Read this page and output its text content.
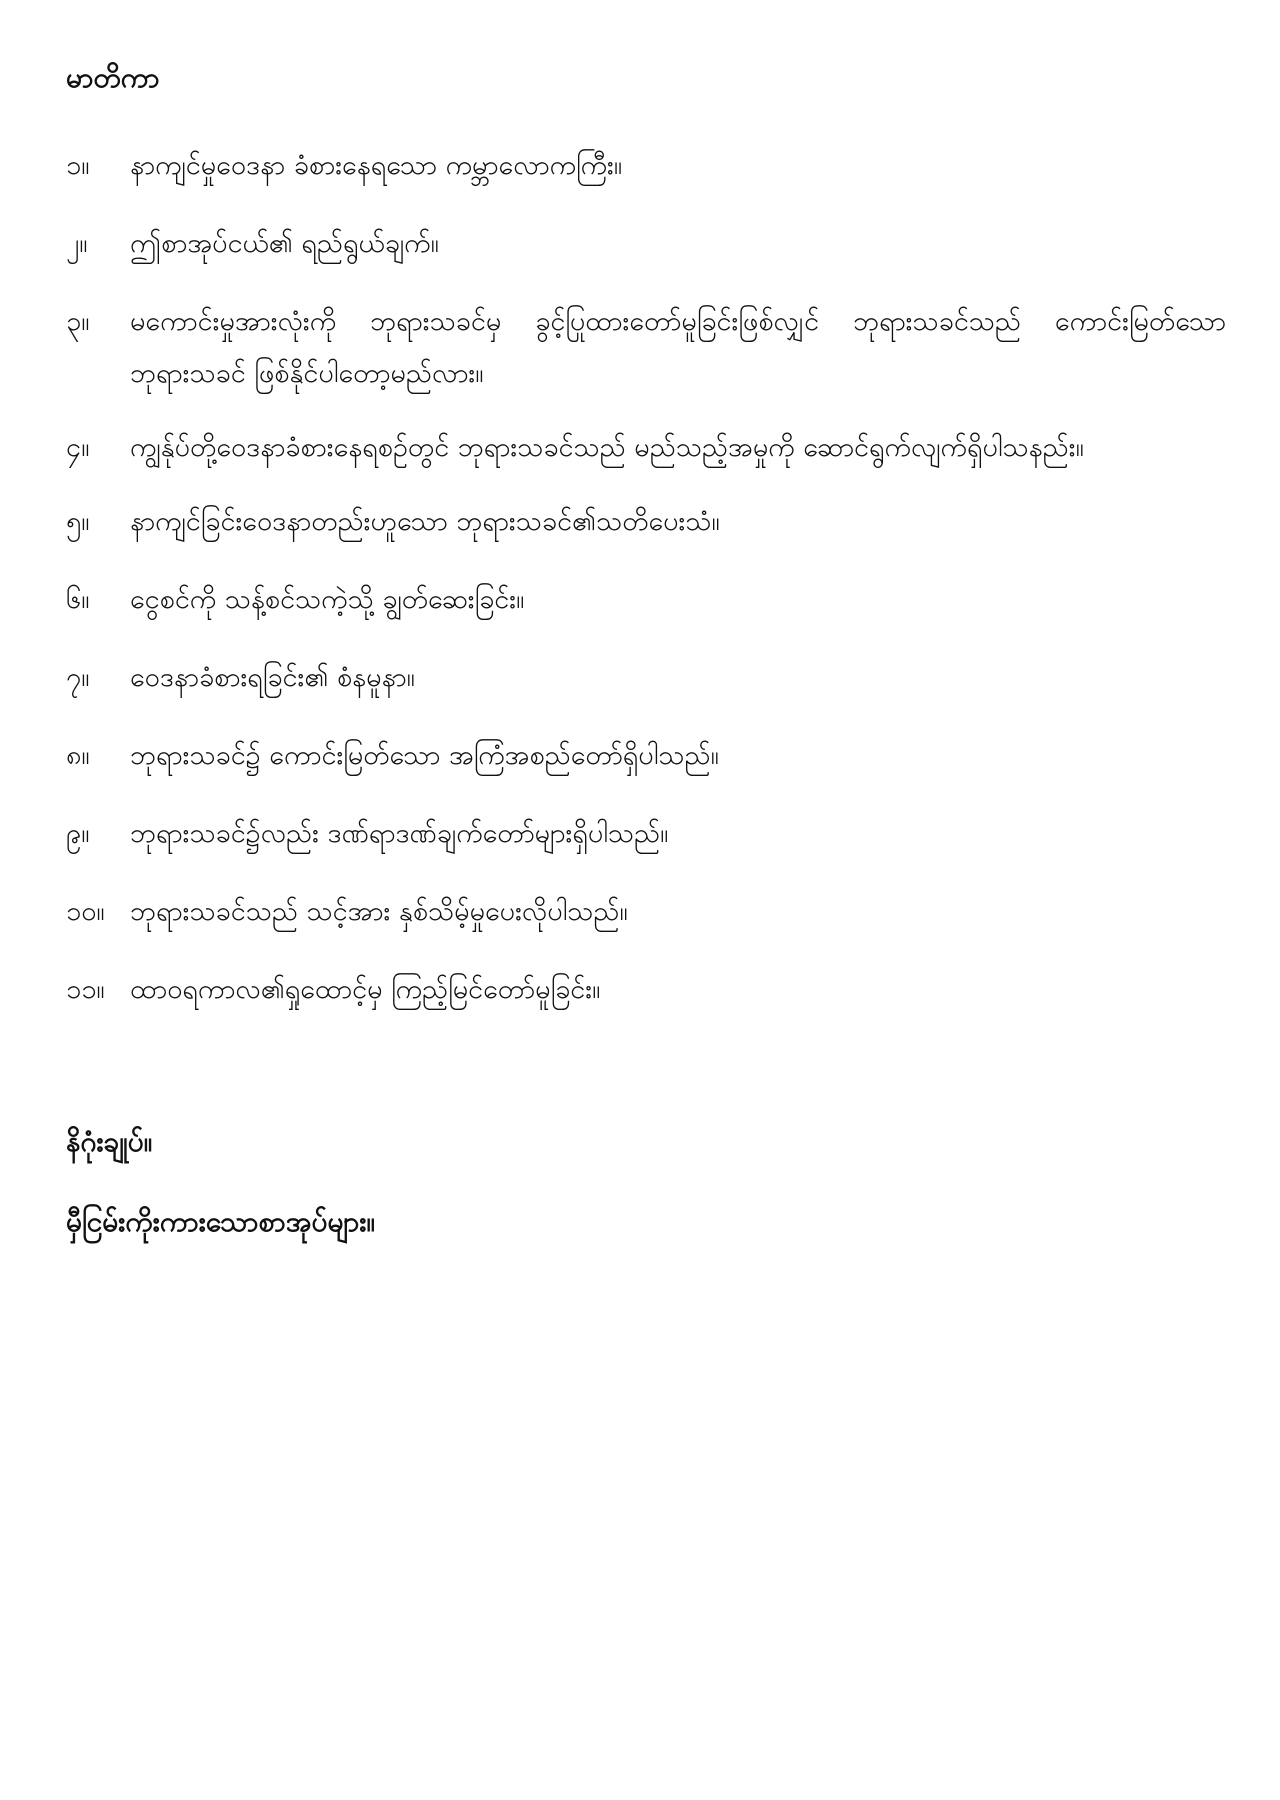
မာတိကာ
၁။	နာကျင်မှုဝေဒနာ ခံစားနေရသော ကမ္ဘာလောကကြီး။
၂။	ဤစာအုပ်ငယ်၏ ရည်ရွယ်ချက်။
၃။	မကောင်းမှုအားလုံးကို ဘုရားသခင်မှ ခွင့်ပြုထားတော်မူခြင်းဖြစ်လျှင် ဘုရားသခင်သည် ကောင်းမြတ်သော ဘုရားသခင် ဖြစ်နိုင်ပါတော့မည်လား။
၄။	ကျွန်ုပ်တို့ဝေဒနာခံစားနေရစဉ်တွင် ဘုရားသခင်သည် မည်သည့်အမှုကို ဆောင်ရွက်လျက်ရှိပါသနည်း။
၅။	နာကျင်ခြင်းဝေဒနာတည်းဟူသော ဘုရားသခင်၏သတိပေးသံ။
၆။	ငွေစင်ကို သန့်စင်သကဲ့သို့ ချွတ်ဆေးခြင်း။
၇။	ဝေဒနာခံစားရခြင်း၏ စံနမူနာ။
၈။	ဘုရားသခင်၌ ကောင်းမြတ်သော အကြံအစည်တော်ရှိပါသည်။
၉။	ဘုရားသခင်၌လည်း ဒဏ်ရာဒဏ်ချက်တော်များရှိပါသည်။
၁၀။ ဘုရားသခင်သည် သင့်အား နှစ်သိမ့်မှုပေးလိုပါသည်။
၁၁။ ထာဝရကာလ၏ရှုထောင့်မှ ကြည့်မြင်တော်မူခြင်း။
နိဂုံးချုပ်။
မှီငြမ်းကိုးကားသောစာအုပ်များ။
